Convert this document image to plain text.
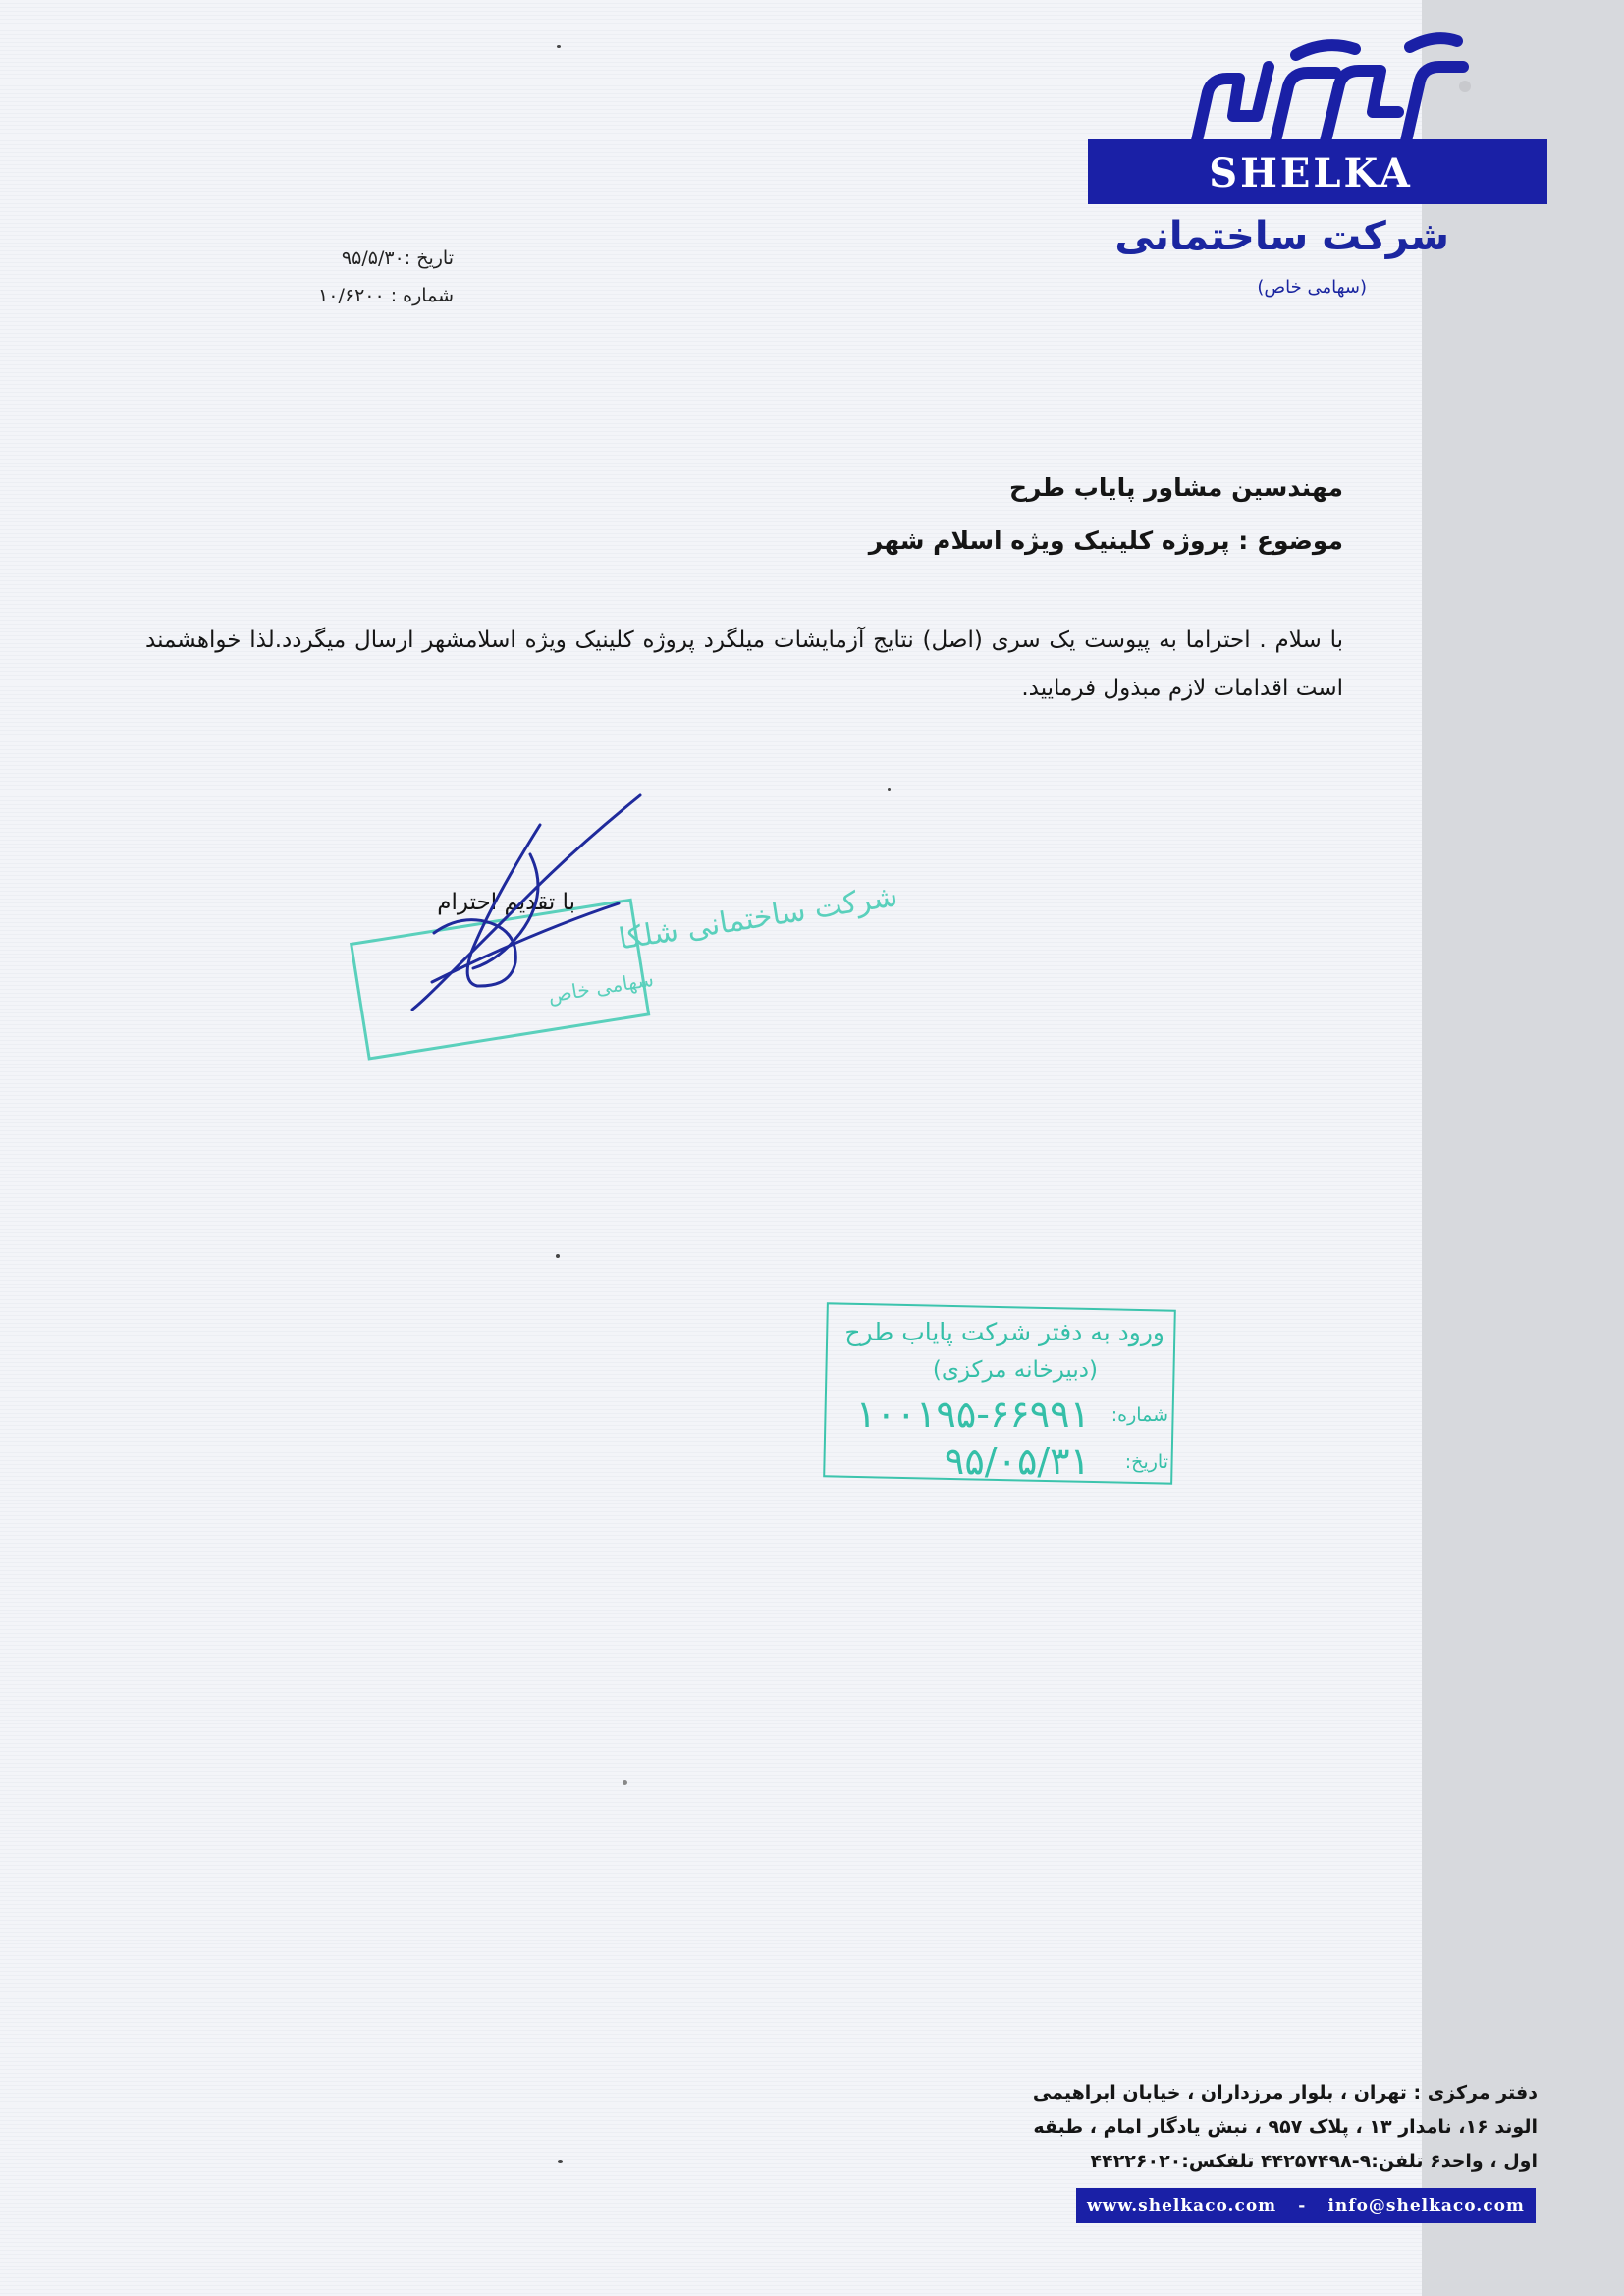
SHELKA
شرکت ساختمانی
(سهامی خاص)
تاریخ :۹۵/۵/۳۰
شماره : ۱۰/۶۲۰۰
مهندسین مشاور پایاب طرح
موضوع : پروژه کلینیک ویژه اسلام شهر
با سلام . احتراما به پیوست یک سری (اصل) نتایج آزمایشات میلگرد پروژه کلینیک ویژه اسلامشهر ارسال میگردد.لذا خواهشمند است اقدامات لازم مبذول فرمایید.
شرکت ساختمانی شلکا
سهامی خاص
با تقدیم احترام
ورود به دفتر شرکت پایاب طرح
(دبیرخانه مرکزی)
شماره:
۱۰۰۱۹۵-۶۶۹۹۱
تاریخ:
۹۵/۰۵/۳۱
دفتر مرکزی : تهران ، بلوار مرزداران ، خیابان ابراهیمی
الوند ۱۶، نامدار ۱۳ ، پلاک ۹۵۷ ، نبش یادگار امام ، طبقه
اول ، واحد۶ تلفن:۹-۴۴۲۵۷۴۹۸ تلفکس:۴۴۲۲۶۰۲۰
www.shelkaco.com - info@shelkaco.com
